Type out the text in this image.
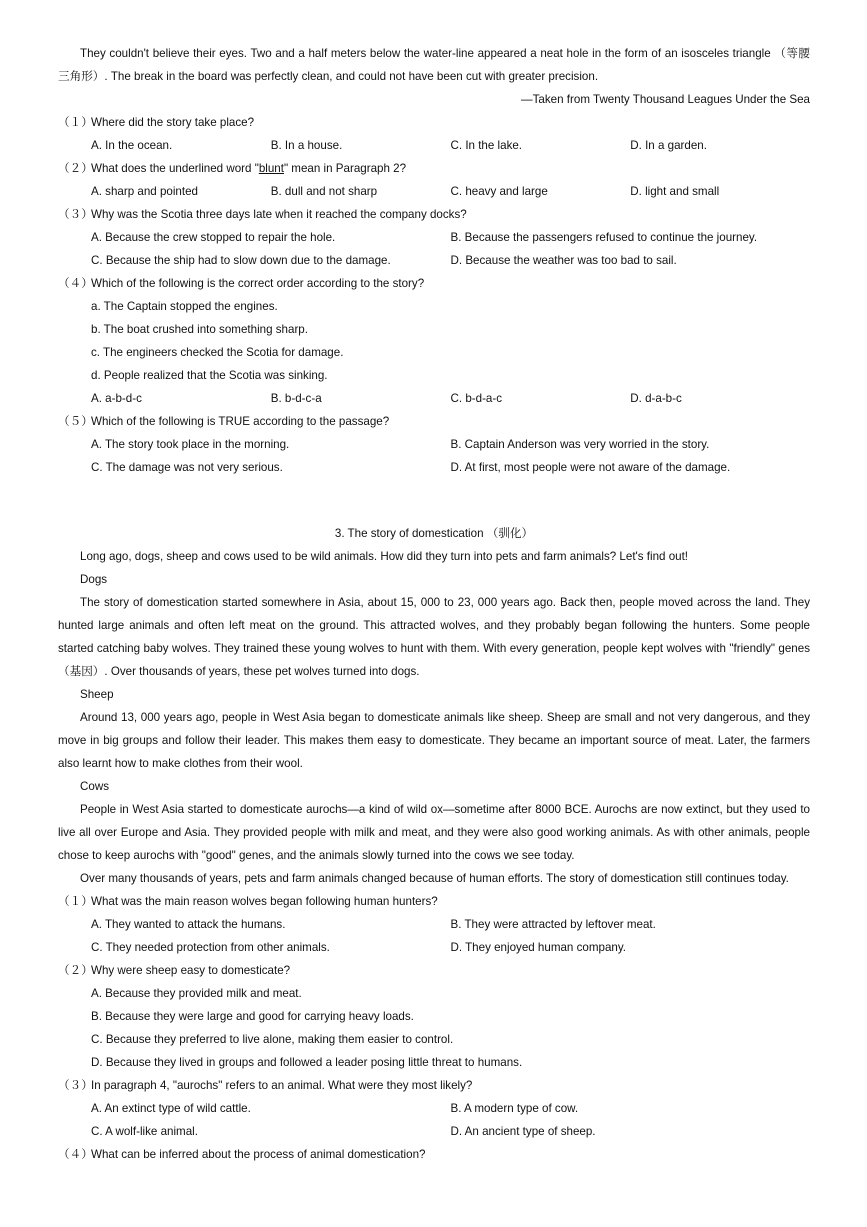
They couldn't believe their eyes. Two and a half meters below the water-line appeared a neat hole in the form of an isosceles triangle （等腰三角形）. The break in the board was perfectly clean, and could not have been cut with greater precision.

—Taken from Twenty Thousand Leagues Under the Sea

（１）Where did the story take place?

A. In the ocean.	B. In a house.	C. In the lake.	D. In a garden.

（２）What does the underlined word "blunt" mean in Paragraph 2?

A. sharp and pointed	B. dull and not sharp	C. heavy and large	D. light and small

（３）Why was the Scotia three days late when it reached the company docks?

A. Because the crew stopped to repair the hole.	B. Because the passengers refused to continue the journey.
C. Because the ship had to slow down due to the damage.	D. Because the weather was too bad to sail.

（４）Which of the following is the correct order according to the story?

a. The Captain stopped the engines.

b. The boat crushed into something sharp.

c. The engineers checked the Scotia for damage.

d. People realized that the Scotia was sinking.

A. a-b-d-c	B. b-d-c-a	C. b-d-a-c	D. d-a-b-c

（５）Which of the following is TRUE according to the passage?

A. The story took place in the morning.	B. Captain Anderson was very worried in the story.
C. The damage was not very serious.	D. At first, most people were not aware of the damage.

3. The story of domestication （驯化）

Long ago, dogs, sheep and cows used to be wild animals. How did they turn into pets and farm animals? Let's find out!

Dogs

The story of domestication started somewhere in Asia, about 15, 000 to 23, 000 years ago. Back then, people moved across the land. They hunted large animals and often left meat on the ground. This attracted wolves, and they probably began following the hunters. Some people started catching baby wolves. They trained these young wolves to hunt with them. With every generation, people kept wolves with "friendly" genes （基因）. Over thousands of years, these pet wolves turned into dogs.

Sheep

Around 13, 000 years ago, people in West Asia began to domesticate animals like sheep. Sheep are small and not very dangerous, and they move in big groups and follow their leader. This makes them easy to domesticate. They became an important source of meat. Later, the farmers also learnt how to make clothes from their wool.

Cows

People in West Asia started to domesticate aurochs—a kind of wild ox—sometime after 8000 BCE. Aurochs are now extinct, but they used to live all over Europe and Asia. They provided people with milk and meat, and they were also good working animals. As with other animals, people chose to keep aurochs with "good" genes, and the animals slowly turned into the cows we see today.

Over many thousands of years, pets and farm animals changed because of human efforts. The story of domestication still continues today.

（１）What was the main reason wolves began following human hunters?

A. They wanted to attack the humans.	B. They were attracted by leftover meat.
C. They needed protection from other animals.	D. They enjoyed human company.

（２）Why were sheep easy to domesticate?

A. Because they provided milk and meat.

B. Because they were large and good for carrying heavy loads.

C. Because they preferred to live alone, making them easier to control.

D. Because they lived in groups and followed a leader posing little threat to humans.

（３）In paragraph 4, "aurochs" refers to an animal. What were they most likely?

A. An extinct type of wild cattle.	B. A modern type of cow.
C. A wolf-like animal.	D. An ancient type of sheep.

（４）What can be inferred about the process of animal domestication?
